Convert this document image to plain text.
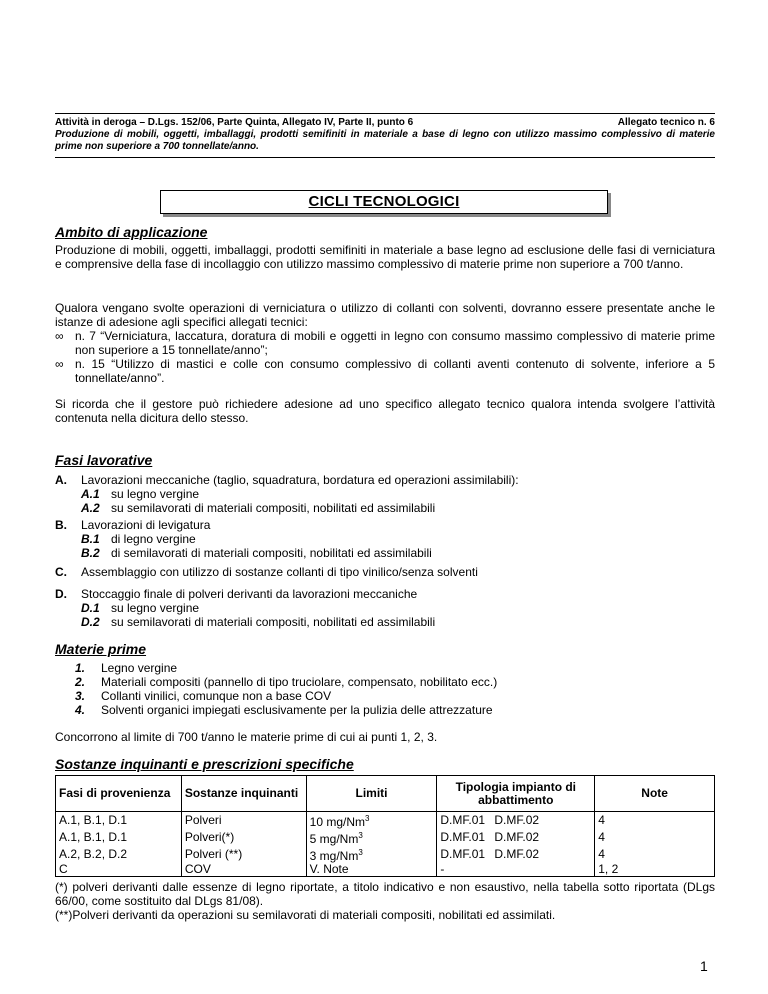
Attività in deroga – D.Lgs. 152/06, Parte Quinta, Allegato IV, Parte II, punto 6	Allegato tecnico n. 6
Produzione di mobili, oggetti, imballaggi, prodotti semifiniti in materiale a base di legno con utilizzo massimo complessivo di materie prime non superiore a 700 tonnellate/anno.
CICLI TECNOLOGICI
Ambito di applicazione
Produzione di mobili, oggetti, imballaggi, prodotti semifiniti in materiale a base legno ad esclusione delle fasi di verniciatura e comprensive della fase di incollaggio con utilizzo massimo complessivo di materie prime non superiore a 700 t/anno.
Qualora vengano svolte operazioni di verniciatura o utilizzo di collanti con solventi, dovranno essere presentate anche le istanze di adesione agli specifici allegati tecnici:
∞ n. 7 “Verniciatura, laccatura, doratura di mobili e oggetti in legno con consumo massimo complessivo di materie prime non superiore a 15 tonnellate/anno”;
∞ n. 15 “Utilizzo di mastici e colle con consumo complessivo di collanti aventi contenuto di solvente, inferiore a 5 tonnellate/anno”.
Si ricorda che il gestore può richiedere adesione ad uno specifico allegato tecnico qualora intenda svolgere l’attività contenuta nella dicitura dello stesso.
Fasi lavorative
A.	Lavorazioni meccaniche (taglio, squadratura, bordatura ed operazioni assimilabili):
A.1 su legno vergine
A.2 su semilavorati di materiali compositi, nobilitati ed assimilabili
B.	Lavorazioni di levigatura
B.1 di legno vergine
B.2 di semilavorati di materiali compositi, nobilitati ed assimilabili
C.	Assemblaggio con utilizzo di sostanze collanti di tipo vinilico/senza solventi
D.	Stoccaggio finale di polveri derivanti da lavorazioni meccaniche
D.1 su legno vergine
D.2 su semilavorati di materiali compositi, nobilitati ed assimilabili
Materie prime
1.	Legno vergine
2.	Materiali compositi (pannello di tipo truciolare, compensato, nobilitato ecc.)
3.	Collanti vinilici, comunque non a base COV
4.	Solventi organici impiegati esclusivamente per la pulizia delle attrezzature
Concorrono al limite di 700 t/anno le materie prime di cui ai punti 1, 2, 3.
Sostanze inquinanti e prescrizioni specifiche
Fasi di provenienza	Sostanze inquinanti	Limiti	Tipologia impianto di abbattimento	Note
A.1, B.1, D.1	Polveri	10 mg/Nm$^3$	D.MF.01 D.MF.02	4
A.1, B.1, D.1	Polveri(*)	5 mg/Nm$^3$	D.MF.01 D.MF.02	4
A.2, B.2, D.2	Polveri (**)	3 mg/Nm$^3$	D.MF.01 D.MF.02	4
C	COV	V. Note	-	1, 2
(*) polveri derivanti dalle essenze di legno riportate, a titolo indicativo e non esaustivo, nella tabella sotto riportata (DLgs 66/00, come sostituito dal DLgs 81/08).
(**)Polveri derivanti da operazioni su semilavorati di materiali compositi, nobilitati ed assimilati.
1
